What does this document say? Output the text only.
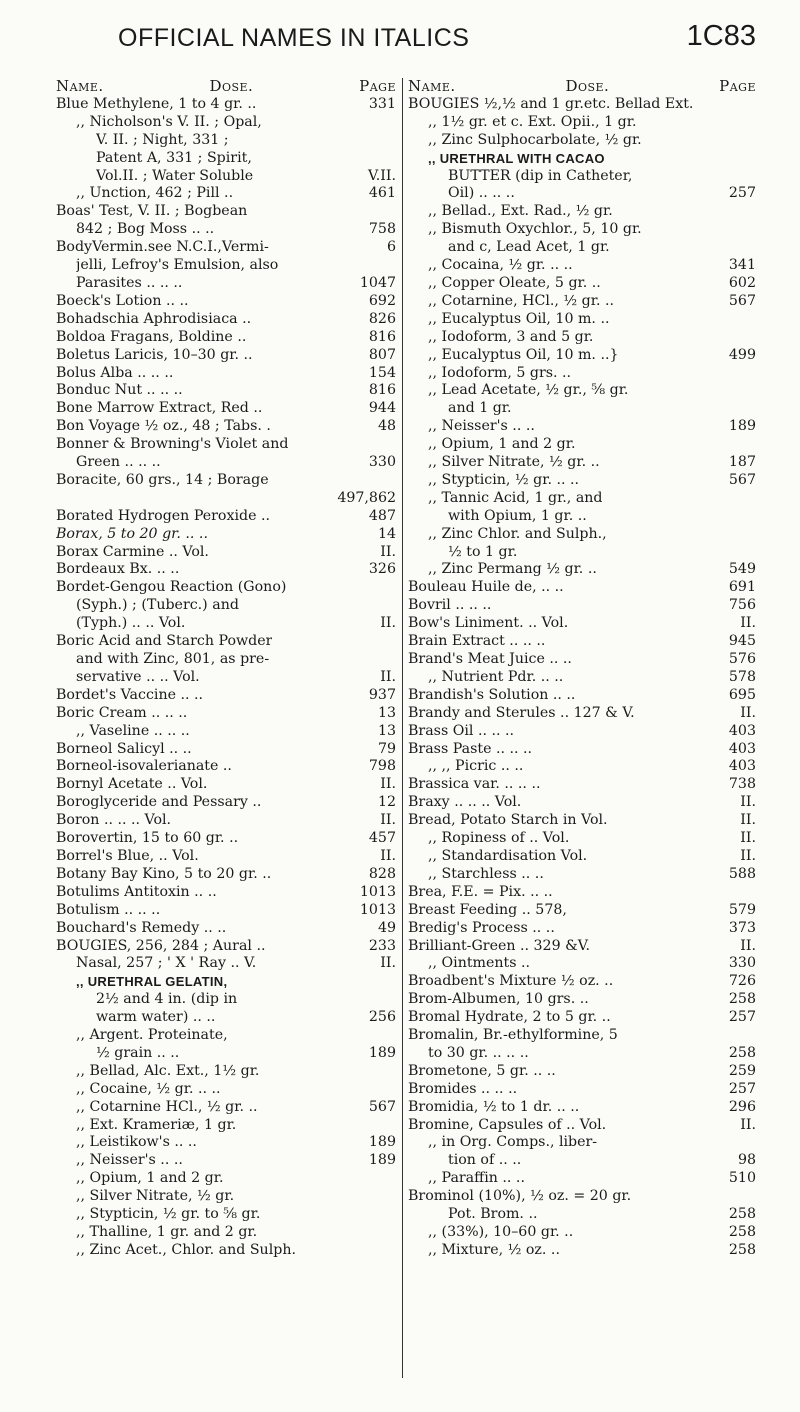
OFFICIAL NAMES IN ITALICS	1C83
Name.	Dose.	Page
Blue Methylene, 1 to 4 gr. ..	331
,, Nicholson's V. II. ; Opal,
V. II. ; Night, 331 ;
Patent A, 331 ; Spirit,
Vol.II. ; Water Soluble	V.II.
,, Unction, 462 ; Pill ..	461
Boas' Test, V. II. ; Bogbean
842 ; Bog Moss .. ..	758
BodyVermin.see N.C.I.,Vermi-	6
jelli, Lefroy's Emulsion, also
Parasites .. .. ..	1047
Boeck's Lotion .. ..	692
Bohadschia Aphrodisiaca ..	826
Boldoa Fragans, Boldine ..	816
Boletus Laricis, 10–30 gr. ..	807
Bolus Alba .. .. ..	154
Bonduc Nut .. .. ..	816
Bone Marrow Extract, Red ..	944
Bon Voyage ½ oz., 48 ; Tabs. .	48
Bonner & Browning's Violet and
Green .. .. ..	330
Boracite, 60 grs., 14 ; Borage
497,862
Borated Hydrogen Peroxide ..	487
Borax, 5 to 20 gr. .. ..	14
Borax Carmine .. Vol.	II.
Bordeaux Bx. .. ..	326
Bordet-Gengou Reaction (Gono)
(Syph.) ; (Tuberc.) and
(Typh.) .. .. Vol.	II.
Boric Acid and Starch Powder
and with Zinc, 801, as pre-
servative .. .. Vol.	II.
Bordet's Vaccine .. ..	937
Boric Cream .. .. ..	13
,, Vaseline .. .. ..	13
Borneol Salicyl .. ..	79
Borneol-isovalerianate ..	798
Bornyl Acetate .. Vol.	II.
Boroglyceride and Pessary ..	12
Boron .. .. .. Vol.	II.
Borovertin, 15 to 60 gr. ..	457
Borrel's Blue, .. Vol.	II.
Botany Bay Kino, 5 to 20 gr. ..	828
Botulims Antitoxin .. ..	1013
Botulism .. .. ..	1013
Bouchard's Remedy .. ..	49
BOUGIES, 256, 284 ; Aural ..	233
Nasal, 257 ; ' X ' Ray .. V.	II.
,, URETHRAL GELATIN,
2½ and 4 in. (dip in
warm water) .. ..	256
,, Argent. Proteinate,
½ grain .. ..	189
,, Bellad, Alc. Ext., 1½ gr.
,, Cocaine, ½ gr. .. ..
,, Cotarnine HCl., ½ gr. ..	567
,, Ext. Krameriæ, 1 gr.
,, Leistikow's .. ..	189
,, Neisser's .. ..	189
,, Opium, 1 and 2 gr.
,, Silver Nitrate, ½ gr.
,, Stypticin, ½ gr. to ⅝ gr.
,, Thalline, 1 gr. and 2 gr.
,, Zinc Acet., Chlor. and Sulph.
Name.	Dose.	Page
BOUGIES ½,½ and 1 gr.etc. Bellad Ext.
,, 1½ gr. et c. Ext. Opii., 1 gr.
,, Zinc Sulphocarbolate, ½ gr.
,, URETHRAL WITH CACAO
BUTTER (dip in Catheter,
Oil) .. .. ..	257
,, Bellad., Ext. Rad., ½ gr.
,, Bismuth Oxychlor., 5, 10 gr.
and c, Lead Acet, 1 gr.
,, Cocaina, ½ gr. .. ..	341
,, Copper Oleate, 5 gr. ..	602
,, Cotarnine, HCl., ½ gr. ..	567
,, Eucalyptus Oil, 10 m. ..
,, Iodoform, 3 and 5 gr.
,, Eucalyptus Oil, 10 m. ..}	499
,, Iodoform, 5 grs. ..
,, Lead Acetate, ½ gr., ⅝ gr.
and 1 gr.
,, Neisser's .. ..	189
,, Opium, 1 and 2 gr.
,, Silver Nitrate, ½ gr. ..	187
,, Stypticin, ½ gr. .. ..	567
,, Tannic Acid, 1 gr., and
with Opium, 1 gr. ..
,, Zinc Chlor. and Sulph.,
½ to 1 gr.
,, Zinc Permang ½ gr. ..	549
Bouleau Huile de, .. ..	691
Bovril .. .. ..	756
Bow's Liniment. .. Vol.	II.
Brain Extract .. .. ..	945
Brand's Meat Juice .. ..	576
,, Nutrient Pdr. .. ..	578
Brandish's Solution .. ..	695
Brandy and Sterules .. 127 & V.	II.
Brass Oil .. .. ..	403
Brass Paste .. .. ..	403
,, ,, Picric .. ..	403
Brassica var. .. .. ..	738
Braxy .. .. .. Vol.	II.
Bread, Potato Starch in Vol.	II.
,, Ropiness of .. Vol.	II.
,, Standardisation Vol.	II.
,, Starchless .. ..	588
Brea, F.E. = Pix. .. ..
Breast Feeding .. 578,	579
Bredig's Process .. ..	373
Brilliant-Green .. 329 &V.	II.
,, Ointments ..	330
Broadbent's Mixture ½ oz. ..	726
Brom-Albumen, 10 grs. ..	258
Bromal Hydrate, 2 to 5 gr. ..	257
Bromalin, Br.-ethylformine, 5
to 30 gr. .. .. ..	258
Brometone, 5 gr. .. ..	259
Bromides .. .. ..	257
Bromidia, ½ to 1 dr. .. ..	296
Bromine, Capsules of .. Vol.	II.
,, in Org. Comps., liber-
tion of .. ..	98
,, Paraffin .. ..	510
Brominol (10%), ½ oz. = 20 gr.
Pot. Brom. ..	258
,, (33%), 10–60 gr. ..	258
,, Mixture, ½ oz. ..	258
